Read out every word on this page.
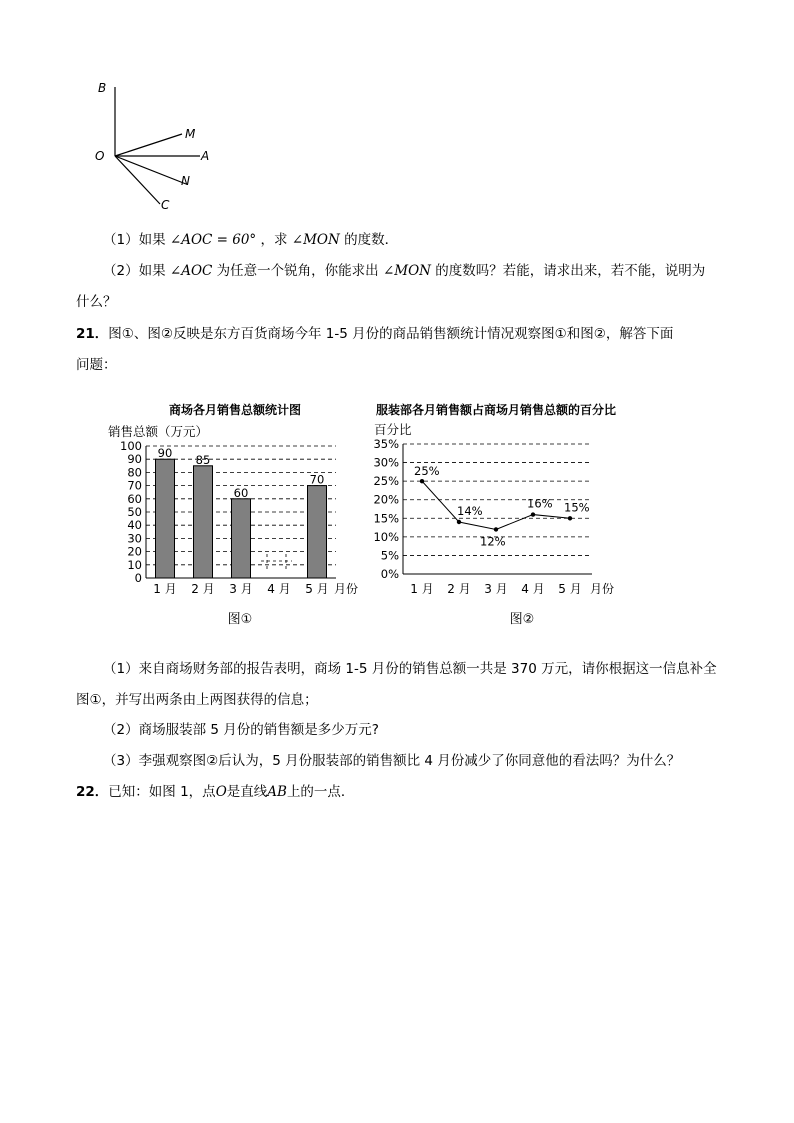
B
M
O	A
N
C
（1）如果 ∠AOC = 60° ，求 ∠MON 的度数．
（2）如果 ∠AOC 为任意一个锐角，你能求出 ∠MON 的度数吗？若能，请求出来，若不能，说明为
什么？
21．图①、图②反映是东方百货商场今年 1-5 月份的商品销售额统计情况观察图①和图②，解答下面
问题：
商场各月销售总额统计图
销售总额（万元）
月份
0
10
20
30
40
50
60
70
80
90
100
1 月 2 月 3 月 4 月 5 月
90 85
60
70
图①
服装部各月销售额占商场月销售总额的百分比
百分比
月份
0%
5%
10%
15%
20%
25%
30%
35%
1 月 2 月 3 月 4 月 5 月
25%
14%
12%
16% 15%
图②
（1）来自商场财务部的报告表明，商场 1-5 月份的销售总额一共是 370 万元，请你根据这一信息补全
图①，并写出两条由上两图获得的信息；
（2）商场服装部 5 月份的销售额是多少万元?
（3）李强观察图②后认为，5 月份服装部的销售额比 4 月份减少了你同意他的看法吗？为什么？
22．已知：如图 1，点O是直线AB上的一点．
